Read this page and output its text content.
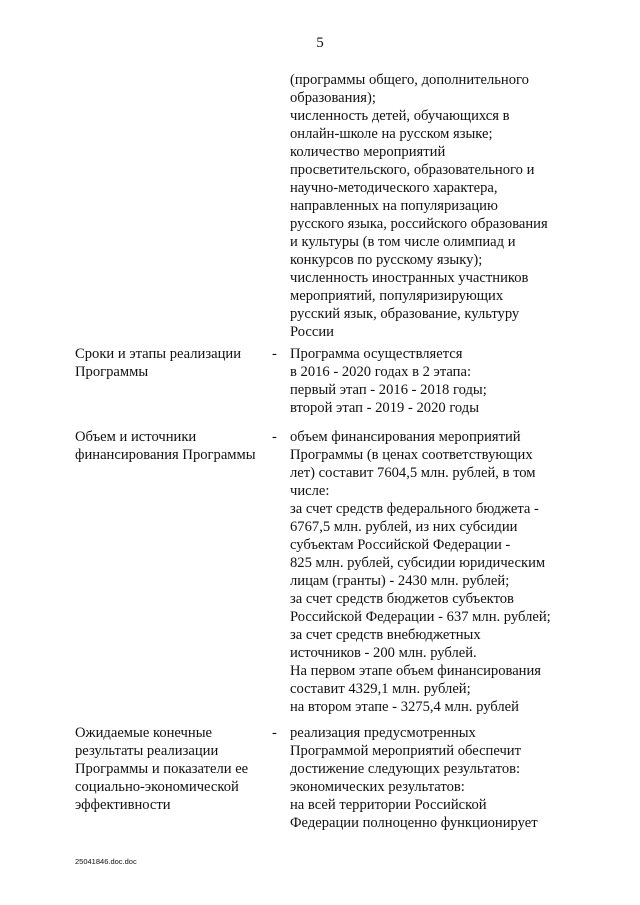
5
(программы общего, дополнительного
образования);
численность детей, обучающихся в
онлайн-школе на русском языке;
количество мероприятий
просветительского, образовательного и
научно-методического характера,
направленных на популяризацию
русского языка, российского образования
и культуры (в том числе олимпиад и
конкурсов по русскому языку);
численность иностранных участников
мероприятий, популяризирующих
русский язык, образование, культуру
России
Сроки и этапы реализации
Программы
- Программа осуществляется
в 2016 - 2020 годах в 2 этапа:
первый этап - 2016 - 2018 годы;
второй этап - 2019 - 2020 годы
Объем и источники
финансирования Программы
- объем финансирования мероприятий
Программы (в ценах соответствующих
лет) составит 7604,5 млн. рублей, в том
числе:
за счет средств федерального бюджета -
6767,5 млн. рублей, из них субсидии
субъектам Российской Федерации -
825 млн. рублей, субсидии юридическим
лицам (гранты) - 2430 млн. рублей;
за счет средств бюджетов субъектов
Российской Федерации - 637 млн. рублей;
за счет средств внебюджетных
источников - 200 млн. рублей.
На первом этапе объем финансирования
составит 4329,1 млн. рублей;
на втором этапе - 3275,4 млн. рублей
Ожидаемые конечные
результаты реализации
Программы и показатели ее
социально-экономической
эффективности
- реализация предусмотренных
Программой мероприятий обеспечит
достижение следующих результатов:
экономических результатов:
на всей территории Российской
Федерации полноценно функционирует
25041846.doc.doc
